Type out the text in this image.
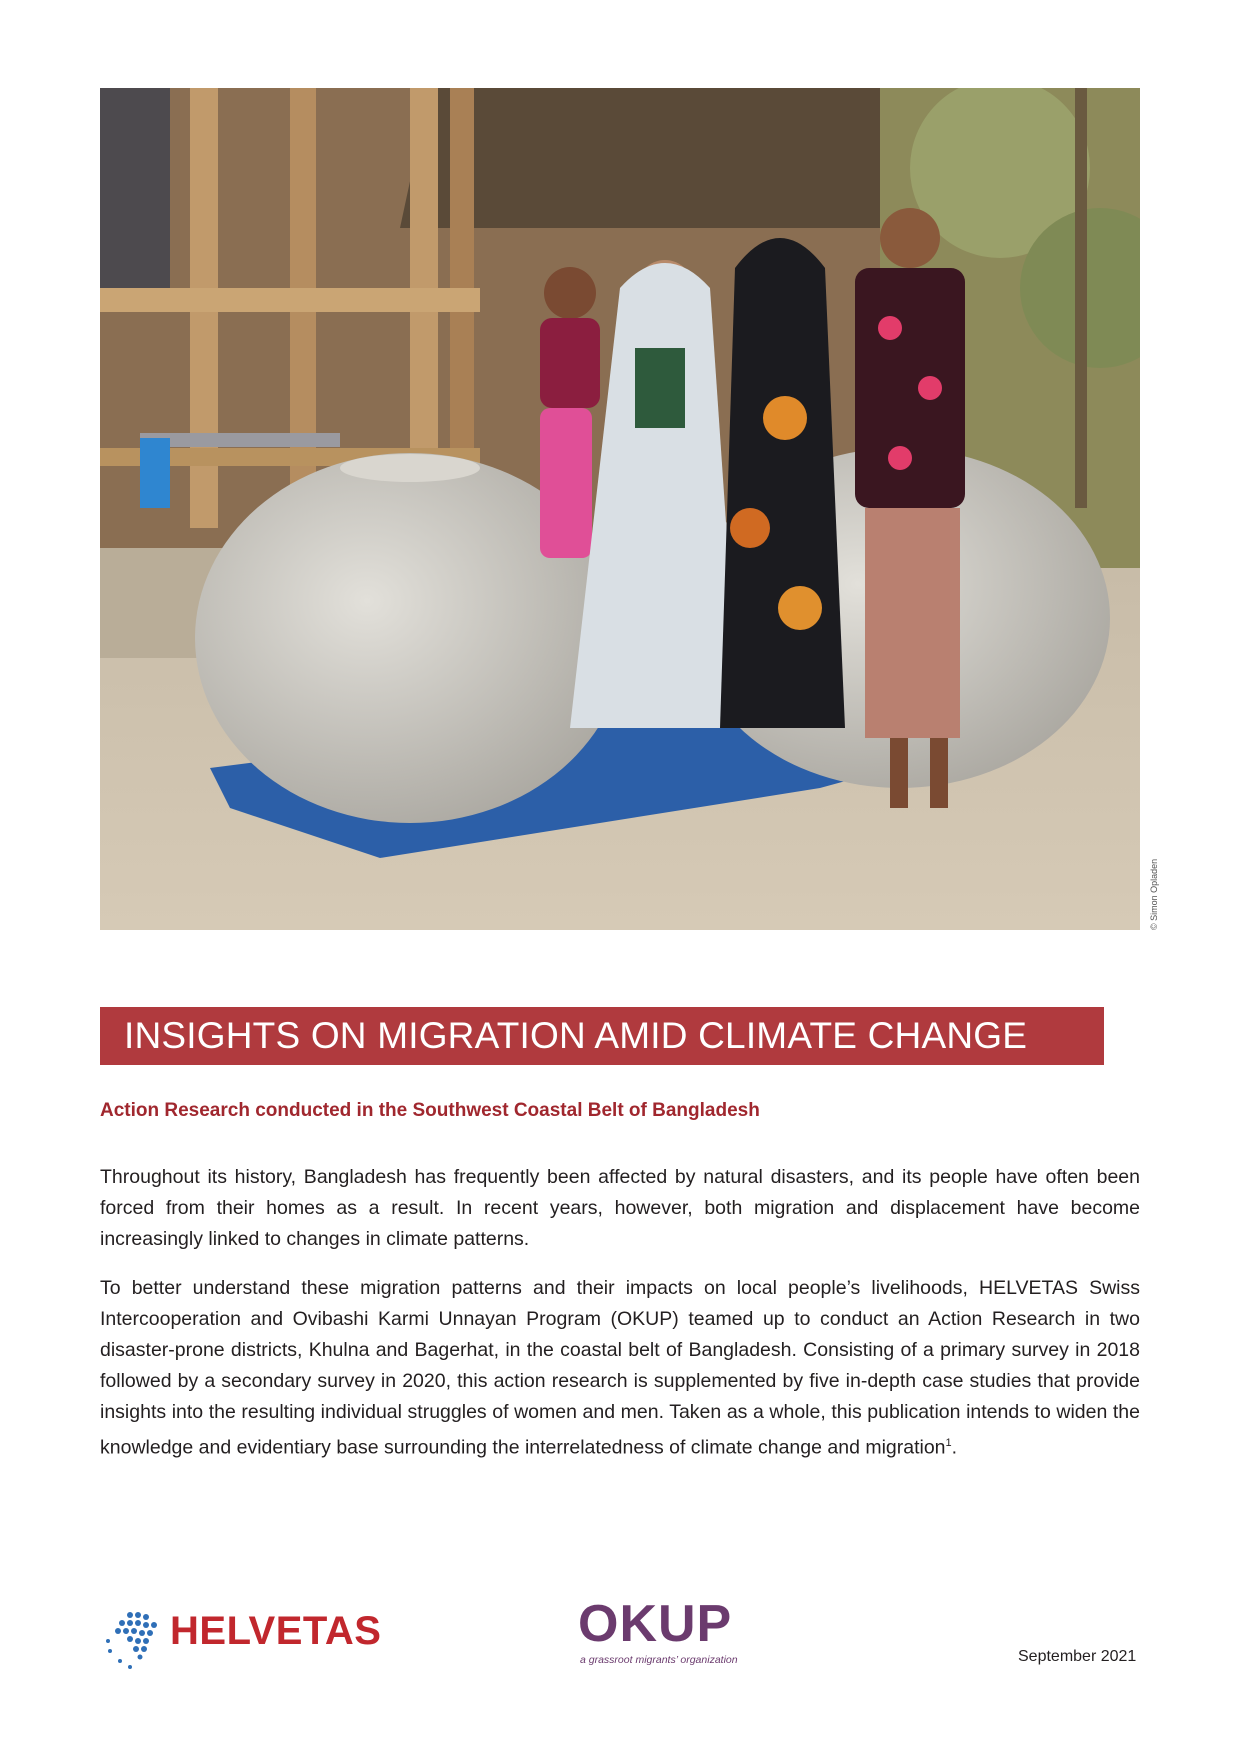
© Simon Opladen
INSIGHTS ON MIGRATION AMID CLIMATE CHANGE
Action Research conducted in the Southwest Coastal Belt of Bangladesh

Throughout its history, Bangladesh has frequently been affected by natural disasters, and its people have often been forced from their homes as a result. In recent years, however, both migration and displacement have become increasingly linked to changes in climate patterns.

To better understand these migration patterns and their impacts on local people’s livelihoods, HELVETAS Swiss Intercooperation and Ovibashi Karmi Unnayan Program (OKUP) teamed up to conduct an Action Research in two disaster-prone districts, Khulna and Bagerhat, in the coastal belt of Bangladesh. Consisting of a primary survey in 2018 followed by a secondary survey in 2020, this action research is supplemented by five in-depth case studies that provide insights into the resulting individual struggles of women and men. Taken as a whole, this publication intends to widen the knowledge and evidentiary base surrounding the interrelatedness of climate change and migration$^1$.

HELVETAS	OKUP
a grassroot migrants’ organization	September 2021
